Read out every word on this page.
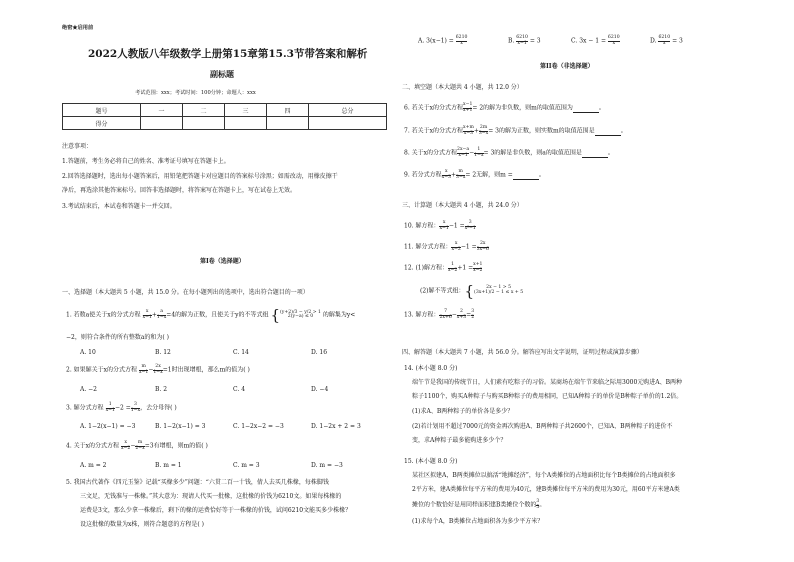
绝密★启用前
2022人教版八年级数学上册第15章第15.3节带答案和解析
副标题
考试范围：xxx；考试时间：100分钟；命题人：xxx
题号	一	二	三	四	总分
得分					
注意事项：
1.答题前，考生务必将自己的姓名、准考证号填写在答题卡上。
2.回答选择题时，选出每小题答案后，用铅笔把答题卡对应题目的答案标号涂黑；如需改动，用橡皮擦干
净后，再选涂其他答案标号。回答非选择题时，将答案写在答题卡上，写在试卷上无效。
3.考试结束后，本试卷和答题卡一并交回。
第I卷（选择题）
一、选择题（本大题共 5 小题，共 15.0 分。在每小题列出的选项中，选出符合题目的一项）
1. 若数a使关于x的分式方程 $\frac{x}{x-1} + \frac{a}{1-x} =4$的解为正数，且使关于y的不等式组 { (y+2)/3 − y/2 > 1
2(y−a) ≤ 0	的解集为y<
−2，则符合条件的所有整数a的和为( )
A. 10	B. 12	C. 14	D. 16
2. 如果解关于x的分式方程 $\frac{m}{x-1} - \frac{2x}{1-x} =1$时出现增根，那么m的值为( )
A. −2	B. 2	C. 4	D. −4
3. 解分式方程 $\frac{1}{x-1} -2 = \frac{3}{1-x}$ ，去分母得( )
A. 1−2(x−1) = −3	B. 1−2(x−1) = 3	C. 1−2x−2 = −3	D. 1−2x + 2 = 3
4. 关于x的分式方程 $\frac{x}{x-2} - \frac{m}{2-x} =3$有增根，则m的值( )
A. m = 2	B. m = 1	C. m = 3	D. m = −3
5. 我国古代著作《四元玉鉴》记载“买椽多少”问题：“六贯二百一十钱，倩人去买几株椽，每株脚钱
三文足，无钱准与一株椽。”其大意为：现请人代买一批椽，这批椽的价钱为6210文。如果每株椽的
运费是3文，那么少拿一株椽后，剩下的椽的运费恰好等于一株椽的价钱，试问6210文能买多少株椽？
设这批椽的数量为x株，则符合题意的方程是( )
A. $3(x-1) = \frac{6210}{x}$	B. $\frac{6210}{x-1} = 3$	C. $3x - 1 = \frac{6210}{x}$	D. $\frac{6210}{x} = 3$
第II卷（非选择题）
二、填空题（本大题共 4 小题，共 12.0 分）
6. 若关于x的分式方程 $\frac{x-1}{x+1} = 2$的解为非负数，则m的取值范围为	。
7. 若关于x的分式方程 $\frac{x+m}{x-3} + \frac{2m}{3-x} = 3$的解为正数，则实数m的取值范围是	。
8. 关于x的分式方程 $\frac{2x-a}{x-1} - \frac{1}{1-x} = 3$的解是非负数，则a的取值范围是	。
9. 若分式方程 $\frac{x}{x-3} + \frac{m}{3-x} = 2$无解，则m =	。
三、计算题（本大题共 4 小题，共 24.0 分）
10. 解方程： $\frac{x}{x-1} -1 = \frac{3}{\text{x²−1}}$
11. 解分式方程： $\frac{x}{x-2} -1 = \frac{2x}{3x-6}$
12. (1)解方程： $\frac{1}{x-2} +1 = \frac{x+1}{x-2}$
(2)解不等式组：{	2x − 1 > 5
(3x+1)/2 − 1 ≤ x + 5
13. 解方程： $\frac{7}{2x+6} - \frac{2}{x+3} = \frac{3}{2}$
四、解答题（本大题共 7 小题，共 56.0 分。解答应写出文字说明，证明过程或演算步骤）
14. (本小题 8.0 分)
端午节是我国的传统节日，人们素有吃粽子的习俗。某商场在端午节来临之际用3000元购进A、B两种
粽子1100个，购买A种粽子与购买B种粽子的费用相同，已知A种粽子的单价是B种粽子单价的1.2倍。
(1)求A、B两种粽子的单价各是多少？
(2)若计划用不超过7000元的资金再次购进A、B两种粽子共2600个，已知A、B两种粽子的进价不
变，求A种粽子最多能购进多少个？
15. (本小题 8.0 分)
某社区拟建A，B两类摊位以搞活“地摊经济”，每个A类摊位的占地面积比每个B类摊位的占地面积多
2平方米，建A类摊位每平方米的费用为40元，建B类摊位每平方米的费用为30元，用60平方米建A类
摊位的个数恰好是用同样面积建B类摊位个数的 $\frac{3}{5}$ 。
(1)求每个A，B类摊位占地面积各为多少平方米？
